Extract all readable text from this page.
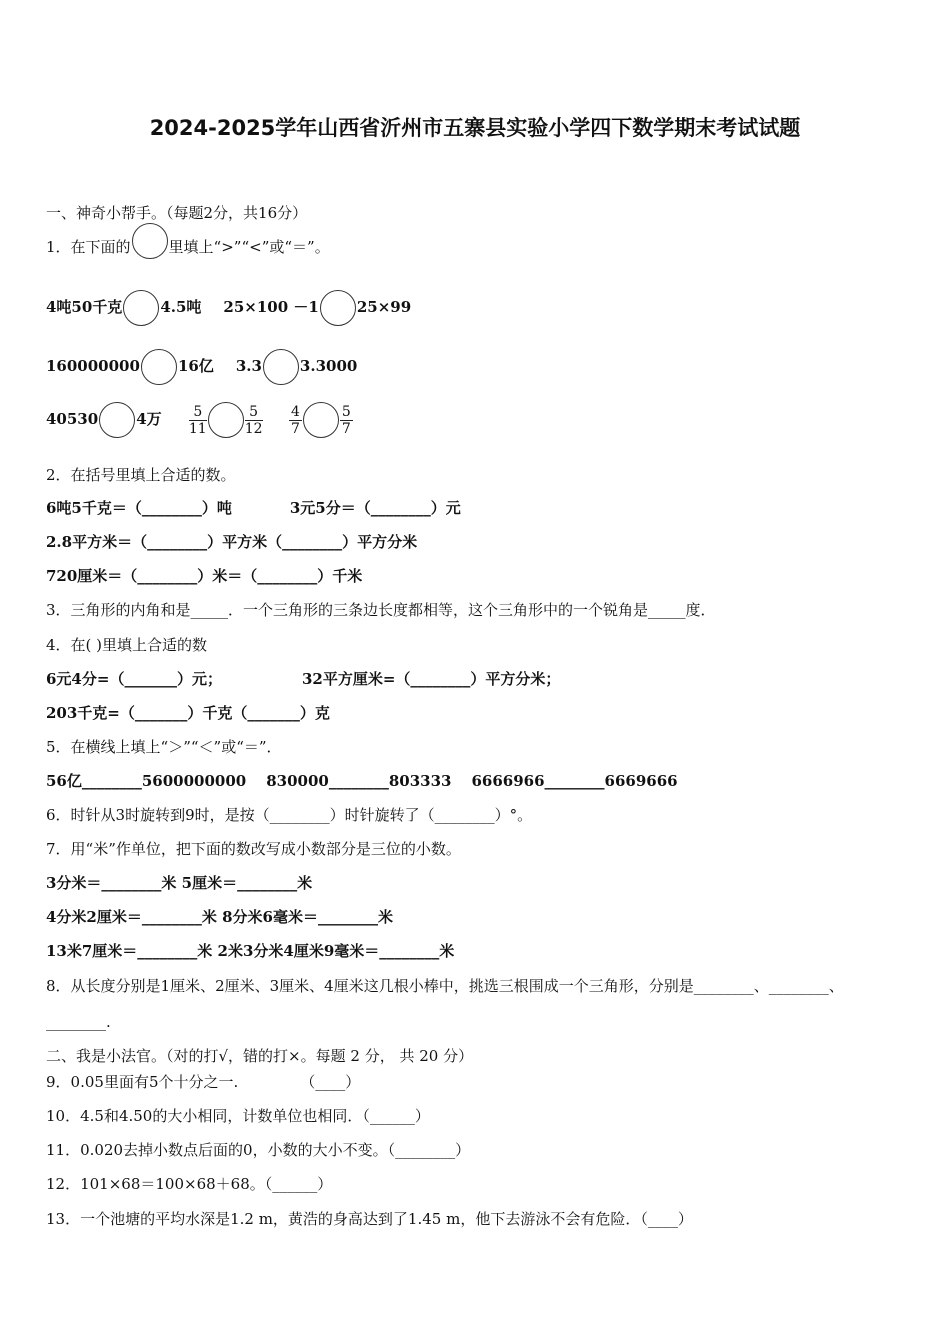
2024-2025学年山西省沂州市五寨县实验小学四下数学期末考试试题
一、神奇小帮手。（每题2分，共16分）
1．在下面的	里填上“>”“<”或“＝”。
4吨50千克	4.5吨 25×100 －1	25×99
160000000	16亿 3.3	3.3000
40530	4万 $\frac{5}{11}$	$\frac{5}{12}$
$\frac{4}{7}$	$\frac{5}{7}$
2．在括号里填上合适的数。
6吨5千克＝（________）吨	3元5分＝（________）元
2.8平方米＝（________）平方米（________）平方分米
720厘米＝（________）米＝（________）千米
3．三角形的内角和是_____．一个三角形的三条边长度都相等，这个三角形中的一个锐角是_____度．
4．在( )里填上合适的数
6元4分=（_______）元；	32平方厘米=（________）平方分米；
203千克=（_______）千克（_______）克
5．在横线上填上“＞”“＜”或“＝”．
56亿________5600000000 830000________803333 6666966________6669666
6．时针从3时旋转到9时，是按（________）时针旋转了（________）°。
7．用“米”作单位，把下面的数改写成小数部分是三位的小数。
3分米＝________米 5厘米＝________米
4分米2厘米＝________米 8分米6毫米＝________米
13米7厘米＝________米 2米3分米4厘米9毫米＝________米
8．从长度分别是1厘米、2厘米、3厘米、4厘米这几根小棒中，挑选三根围成一个三角形，分别是________、________、
________.
二、我是小法官。（对的打√，错的打×。每题 2 分， 共 20 分）
9．0.05里面有5个十分之一.	（____）
10．4.5和4.50的大小相同，计数单位也相同．（______）
11．0.020去掉小数点后面的0，小数的大小不变。（________）
12．101×68＝100×68＋68。（______）
13．一个池塘的平均水深是1.2 m，黄浩的身高达到了1.45 m，他下去游泳不会有危险．（____）
